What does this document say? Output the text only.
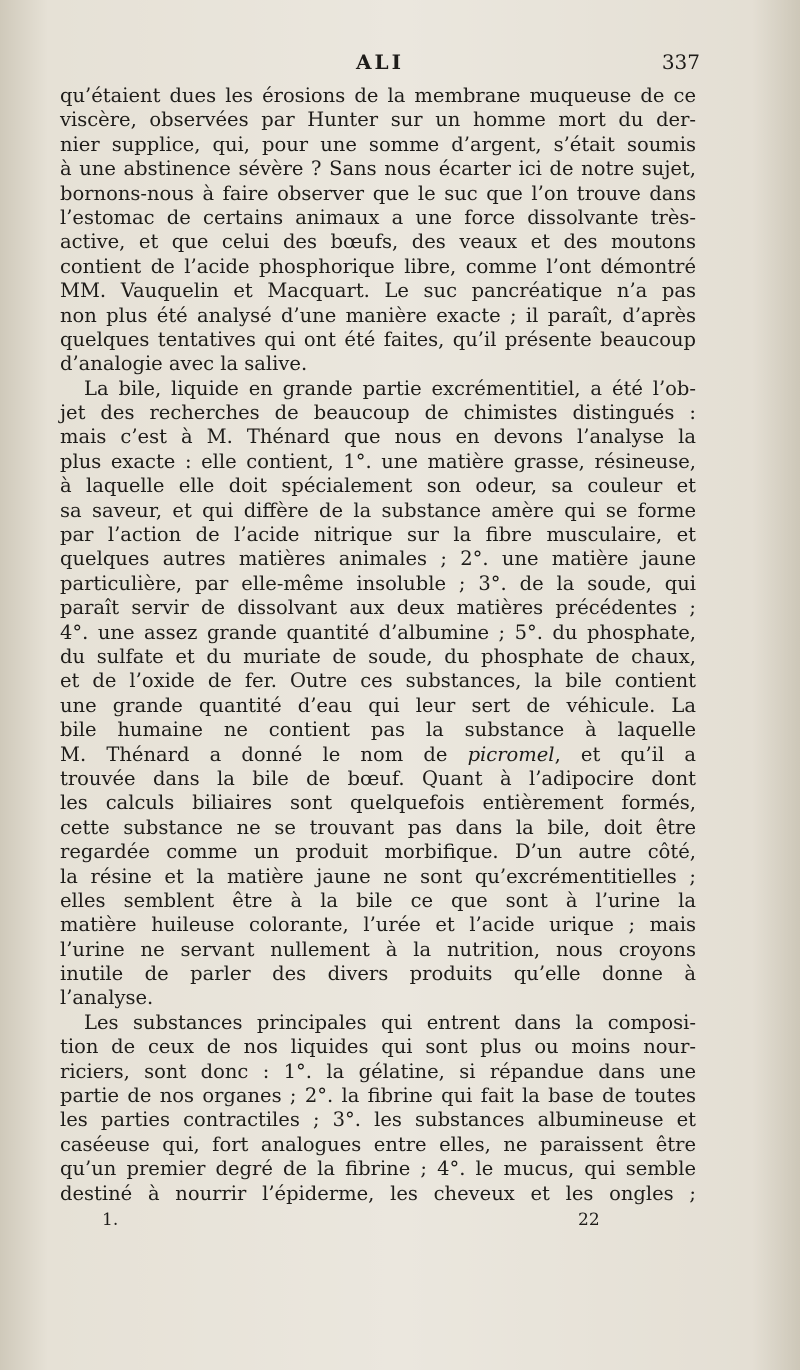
ALI	337
qu’étaient dues les érosions de la membrane muqueuse de ce
viscère, observées par Hunter sur un homme mort du der-
nier supplice, qui, pour une somme d’argent, s’était soumis
à une abstinence sévère ? Sans nous écarter ici de notre sujet,
bornons-nous à faire observer que le suc que l’on trouve dans
l’estomac de certains animaux a une force dissolvante très-
active, et que celui des bœufs, des veaux et des moutons
contient de l’acide phosphorique libre, comme l’ont démontré
MM. Vauquelin et Macquart. Le suc pancréatique n’a pas
non plus été analysé d’une manière exacte ; il paraît, d’après
quelques tentatives qui ont été faites, qu’il présente beaucoup
d’analogie avec la salive.
La bile, liquide en grande partie excrémentitiel, a été l’ob-
jet des recherches de beaucoup de chimistes distingués :
mais c’est à M. Thénard que nous en devons l’analyse la
plus exacte : elle contient, 1°. une matière grasse, résineuse,
à laquelle elle doit spécialement son odeur, sa couleur et
sa saveur, et qui diffère de la substance amère qui se forme
par l’action de l’acide nitrique sur la fibre musculaire, et
quelques autres matières animales ; 2°. une matière jaune
particulière, par elle-même insoluble ; 3°. de la soude, qui
paraît servir de dissolvant aux deux matières précédentes ;
4°. une assez grande quantité d’albumine ; 5°. du phosphate,
du sulfate et du muriate de soude, du phosphate de chaux,
et de l’oxide de fer. Outre ces substances, la bile contient
une grande quantité d’eau qui leur sert de véhicule. La
bile humaine ne contient pas la substance à laquelle
M. Thénard a donné le nom de picromel, et qu’il a
trouvée dans la bile de bœuf. Quant à l’adipocire dont
les calculs biliaires sont quelquefois entièrement formés,
cette substance ne se trouvant pas dans la bile, doit être
regardée comme un produit morbifique. D’un autre côté,
la résine et la matière jaune ne sont qu’excrémentitielles ;
elles semblent être à la bile ce que sont à l’urine la
matière huileuse colorante, l’urée et l’acide urique ; mais
l’urine ne servant nullement à la nutrition, nous croyons
inutile de parler des divers produits qu’elle donne à
l’analyse.
Les substances principales qui entrent dans la composi-
tion de ceux de nos liquides qui sont plus ou moins nour-
riciers, sont donc : 1°. la gélatine, si répandue dans une
partie de nos organes ; 2°. la fibrine qui fait la base de toutes
les parties contractiles ; 3°. les substances albumineuse et
caséeuse qui, fort analogues entre elles, ne paraissent être
qu’un premier degré de la fibrine ; 4°. le mucus, qui semble
destiné à nourrir l’épiderme, les cheveux et les ongles ;
1.	22
